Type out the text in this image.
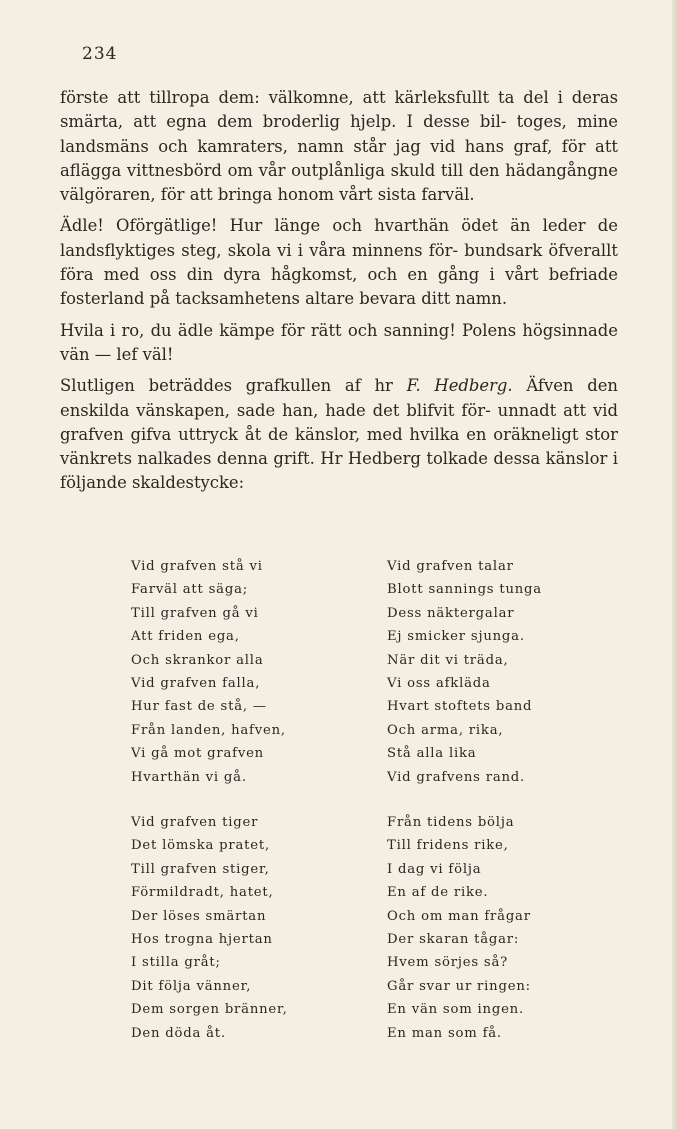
234

förste att tillropa dem: välkomne, att kärleksfullt ta del i deras smärta, att egna dem broderlig hjelp. I desse bil- toges, mine landsmäns och kamraters, namn står jag vid hans graf, för att aflägga vittnesbörd om vår outplånliga skuld till den hädangångne välgöraren, för att bringa honom vårt sista farväl.

Ädle! Oförgätlige! Hur länge och hvarthän ödet än leder de landsflyktiges steg, skola vi i våra minnens för- bundsark öfverallt föra med oss din dyra hågkomst, och en gång i vårt befriade fosterland på tacksamhetens altare bevara ditt namn.

Hvila i ro, du ädle kämpe för rätt och sanning! Polens högsinnade vän — lef väl!

Slutligen beträddes grafkullen af hr F. Hedberg. Äfven den enskilda vänskapen, sade han, hade det blifvit för- unnadt att vid grafven gifva uttryck åt de känslor, med hvilka en oräkneligt stor vänkrets nalkades denna grift. Hr Hedberg tolkade dessa känslor i följande skaldestycke:

Vid grafven stå vi
Farväl att säga;
Till grafven gå vi
Att friden ega,
Och skrankor alla
Vid grafven falla,
Hur fast de stå, —
Från landen, hafven,
Vi gå mot grafven
Hvarthän vi gå.
Vid grafven talar
Blott sannings tunga
Dess näktergalar
Ej smicker sjunga.
När dit vi träda,
Vi oss afkläda
Hvart stoftets band
Och arma, rika,
Stå alla lika
Vid grafvens rand.
Vid grafven tiger
Det lömska pratet,
Till grafven stiger,
Förmildradt, hatet,
Der löses smärtan
Hos trogna hjertan
I stilla gråt;
Dit följa vänner,
Dem sorgen bränner,
Den döda åt.
Från tidens bölja
Till fridens rike,
I dag vi följa
En af de rike.
Och om man frågar
Der skaran tågar:
Hvem sörjes så?
Går svar ur ringen:
En vän som ingen.
En man som få.
